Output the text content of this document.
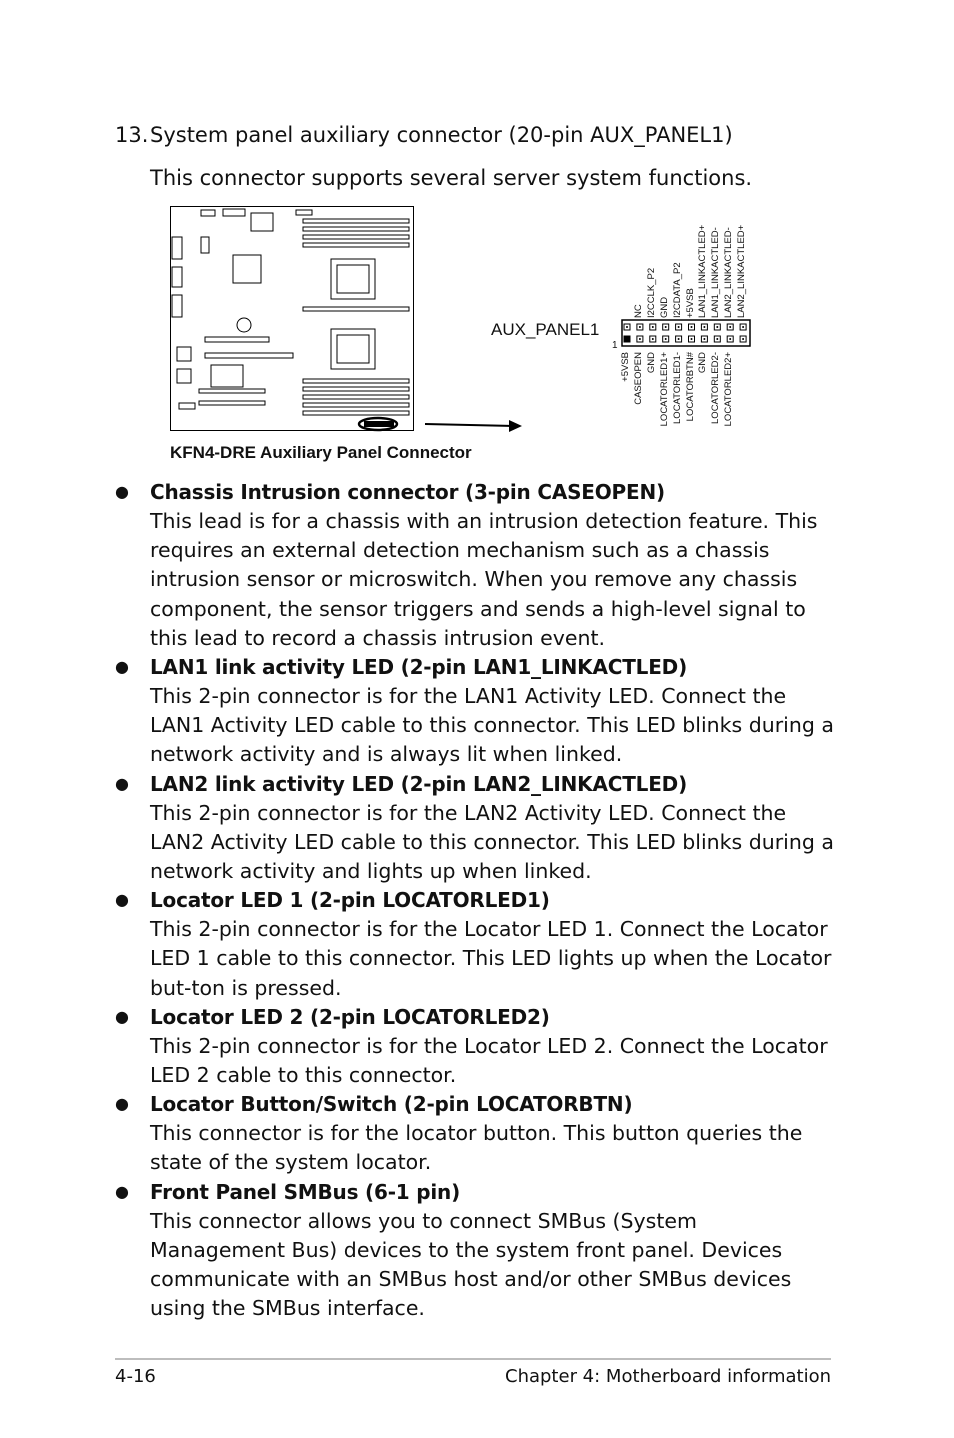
13.System panel auxiliary connector (20-pin AUX_PANEL1)
This connector supports several server system functions.
KFN4-DRE Auxiliary Panel Connector
AUX_PANEL1
1
NC I2CCLK_P2 GND I2CDATA_P2 +5VSB LAN1_LINKACTLED+ LAN1_LINKACTLED- LAN2_LINKACTLED- LAN2_LINKACTLED+
+5VSB CASEOPEN GND LOCATORLED1+ LOCATORLED1- LOCATORBTN# GND LOCATORLED2- LOCATORLED2+
● Chassis Intrusion connector (3-pin CASEOPEN)
This lead is for a chassis with an intrusion detection feature. This requires an external detection mechanism such as a chassis intrusion sensor or microswitch. When you remove any chassis component, the sensor triggers and sends a high-level signal to this lead to record a chassis intrusion event.
● LAN1 link activity LED (2-pin LAN1_LINKACTLED)
This 2-pin connector is for the LAN1 Activity LED. Connect the LAN1 Activity LED cable to this connector. This LED blinks during a network activity and is always lit when linked.
● LAN2 link activity LED (2-pin LAN2_LINKACTLED)
This 2-pin connector is for the LAN2 Activity LED. Connect the LAN2 Activity LED cable to this connector. This LED blinks during a network activity and lights up when linked.
● Locator LED 1 (2-pin LOCATORLED1)
This 2-pin connector is for the Locator LED 1. Connect the Locator LED 1 cable to this connector. This LED lights up when the Locator but-ton is pressed.
● Locator LED 2 (2-pin LOCATORLED2)
This 2-pin connector is for the Locator LED 2. Connect the Locator LED 2 cable to this connector.
● Locator Button/Switch (2-pin LOCATORBTN)
This connector is for the locator button. This button queries the state of the system locator.
● Front Panel SMBus (6-1 pin)
This connector allows you to connect SMBus (System Management Bus) devices to the system front panel. Devices communicate with an SMBus host and/or other SMBus devices using the SMBus interface.
4-16	Chapter 4: Motherboard information
